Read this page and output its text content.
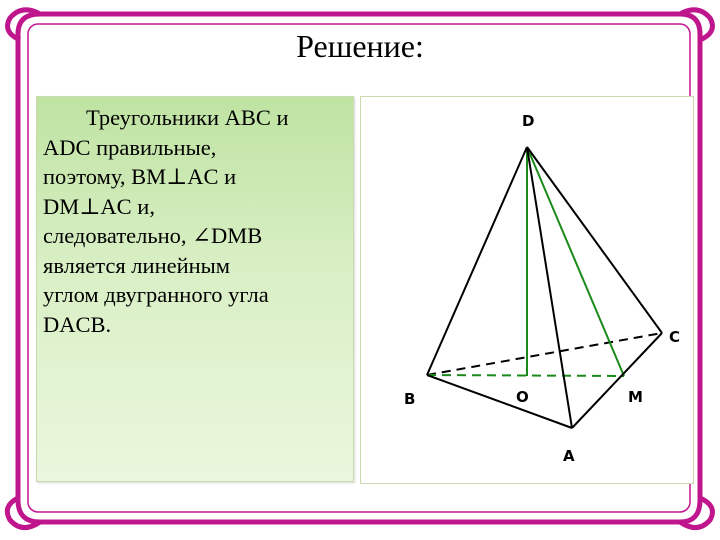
Решение:
Треугольники ABC и
ADC правильные,
поэтому, BM⊥AC и
DM⊥AC и,
следовательно, ∠DMB
является линейным
углом двугранного угла
DACB.
D
C
B	O	M
A
